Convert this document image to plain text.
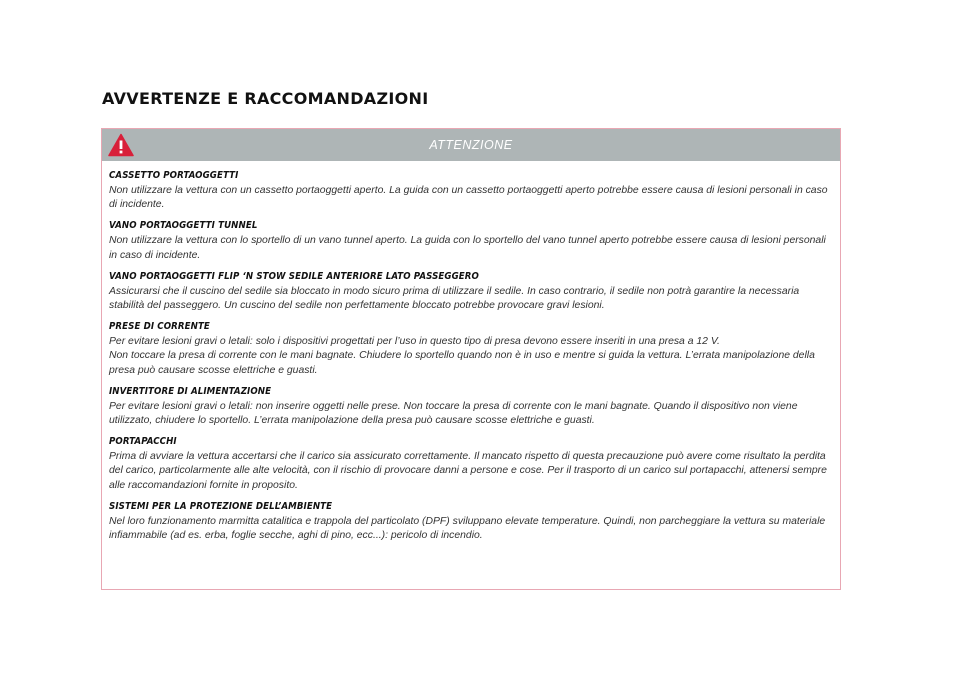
AVVERTENZE E RACCOMANDAZIONI
ATTENZIONE
CASSETTO PORTAOGGETTI
Non utilizzare la vettura con un cassetto portaoggetti aperto. La guida con un cassetto portaoggetti aperto potrebbe essere causa di lesioni personali in caso di incidente.
VANO PORTAOGGETTI TUNNEL
Non utilizzare la vettura con lo sportello di un vano tunnel aperto. La guida con lo sportello del vano tunnel aperto potrebbe essere causa di lesioni personali in caso di incidente.
VANO PORTAOGGETTI FLIP ‘N STOW SEDILE ANTERIORE LATO PASSEGGERO
Assicurarsi che il cuscino del sedile sia bloccato in modo sicuro prima di utilizzare il sedile. In caso contrario, il sedile non potrà garantire la necessaria stabilità del passeggero. Un cuscino del sedile non perfettamente bloccato potrebbe provocare gravi lesioni.
PRESE DI CORRENTE
Per evitare lesioni gravi o letali: solo i dispositivi progettati per l’uso in questo tipo di presa devono essere inseriti in una presa a 12 V.
Non toccare la presa di corrente con le mani bagnate. Chiudere lo sportello quando non è in uso e mentre si guida la vettura. L’errata manipolazione della presa può causare scosse elettriche e guasti.
INVERTITORE DI ALIMENTAZIONE
Per evitare lesioni gravi o letali: non inserire oggetti nelle prese. Non toccare la presa di corrente con le mani bagnate. Quando il dispositivo non viene utilizzato, chiudere lo sportello. L’errata manipolazione della presa può causare scosse elettriche e guasti.
PORTAPACCHI
Prima di avviare la vettura accertarsi che il carico sia assicurato correttamente. Il mancato rispetto di questa precauzione può avere come risultato la perdita del carico, particolarmente alle alte velocità, con il rischio di provocare danni a persone e cose. Per il trasporto di un carico sul portapacchi, attenersi sempre alle raccomandazioni fornite in proposito.
SISTEMI PER LA PROTEZIONE DELL’AMBIENTE
Nel loro funzionamento marmitta catalitica e trappola del particolato (DPF) sviluppano elevate temperature. Quindi, non parcheggiare la vettura su materiale infiammabile (ad es. erba, foglie secche, aghi di pino, ecc...): pericolo di incendio.
